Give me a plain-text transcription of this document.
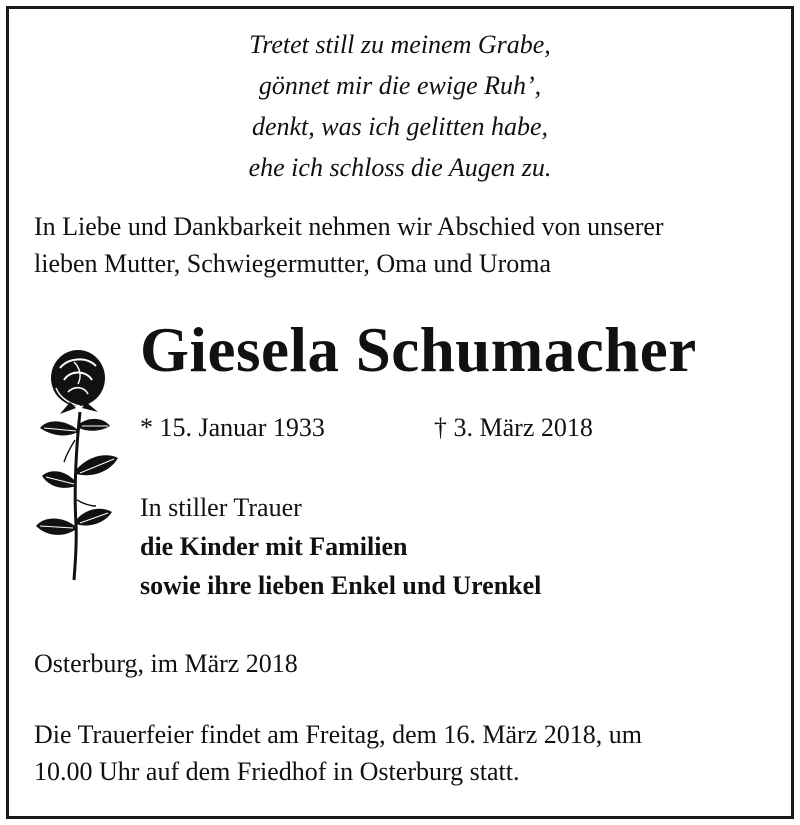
Tretet still zu meinem Grabe,
gönnet mir die ewige Ruh’,
denkt, was ich gelitten habe,
ehe ich schloss die Augen zu.
In Liebe und Dankbarkeit nehmen wir Abschied von unserer
lieben Mutter, Schwiegermutter, Oma und Uroma
Giesela Schumacher
* 15. Januar 1933	† 3. März 2018
In stiller Trauer
die Kinder mit Familien
sowie ihre lieben Enkel und Urenkel
Osterburg, im März 2018
Die Trauerfeier findet am Freitag, dem 16. März 2018, um
10.00 Uhr auf dem Friedhof in Osterburg statt.
